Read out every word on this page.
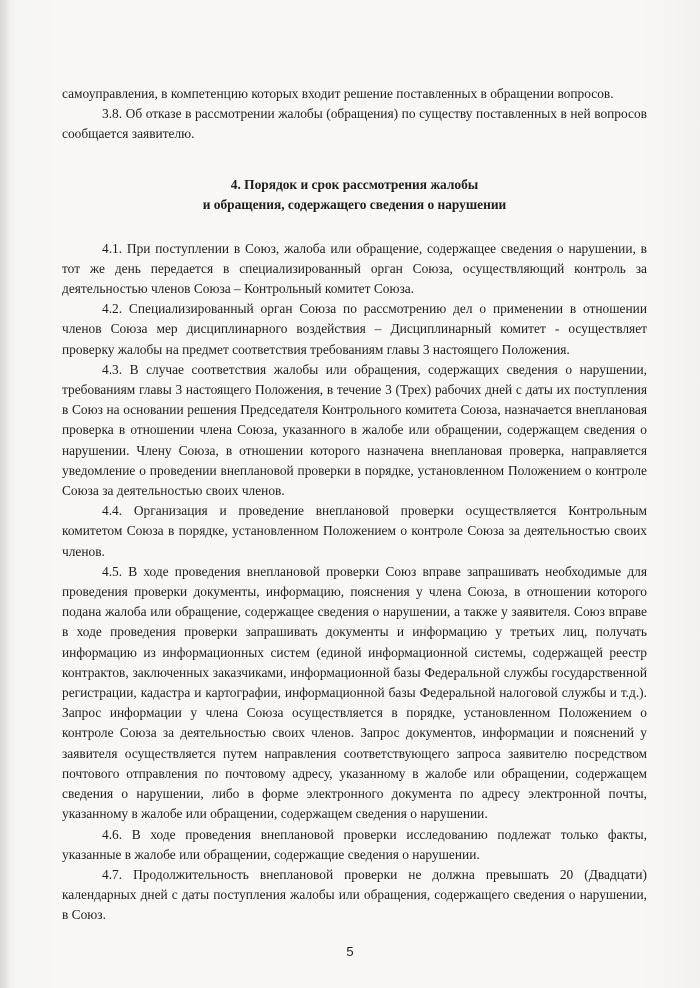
самоуправления, в компетенцию которых входит решение поставленных в обращении вопросов.

3.8. Об отказе в рассмотрении жалобы (обращения) по существу поставленных в ней вопросов сообщается заявителю.

4. Порядок и срок рассмотрения жалобы
и обращения, содержащего сведения о нарушении

4.1. При поступлении в Союз, жалоба или обращение, содержащее сведения о нарушении, в тот же день передается в специализированный орган Союза, осуществляющий контроль за деятельностью членов Союза – Контрольный комитет Союза.

4.2. Специализированный орган Союза по рассмотрению дел о применении в отношении членов Союза мер дисциплинарного воздействия – Дисциплинарный комитет - осуществляет проверку жалобы на предмет соответствия требованиям главы 3 настоящего Положения.

4.3. В случае соответствия жалобы или обращения, содержащих сведения о нарушении, требованиям главы 3 настоящего Положения, в течение 3 (Трех) рабочих дней с даты их поступления в Союз на основании решения Председателя Контрольного комитета Союза, назначается внеплановая проверка в отношении члена Союза, указанного в жалобе или обращении, содержащем сведения о нарушении. Члену Союза, в отношении которого назначена внеплановая проверка, направляется уведомление о проведении внеплановой проверки в порядке, установленном Положением о контроле Союза за деятельностью своих членов.

4.4. Организация и проведение внеплановой проверки осуществляется Контрольным комитетом Союза в порядке, установленном Положением о контроле Союза за деятельностью своих членов.

4.5. В ходе проведения внеплановой проверки Союз вправе запрашивать необходимые для проведения проверки документы, информацию, пояснения у члена Союза, в отношении которого подана жалоба или обращение, содержащее сведения о нарушении, а также у заявителя. Союз вправе в ходе проведения проверки запрашивать документы и информацию у третьих лиц, получать информацию из информационных систем (единой информационной системы, содержащей реестр контрактов, заключенных заказчиками, информационной базы Федеральной службы государственной регистрации, кадастра и картографии, информационной базы Федеральной налоговой службы и т.д.). Запрос информации у члена Союза осуществляется в порядке, установленном Положением о контроле Союза за деятельностью своих членов. Запрос документов, информации и пояснений у заявителя осуществляется путем направления соответствующего запроса заявителю посредством почтового отправления по почтовому адресу, указанному в жалобе или обращении, содержащем сведения о нарушении, либо в форме электронного документа по адресу электронной почты, указанному в жалобе или обращении, содержащем сведения о нарушении.

4.6. В ходе проведения внеплановой проверки исследованию подлежат только факты, указанные в жалобе или обращении, содержащие сведения о нарушении.

4.7. Продолжительность внеплановой проверки не должна превышать 20 (Двадцати) календарных дней с даты поступления жалобы или обращения, содержащего сведения о нарушении, в Союз.

5
